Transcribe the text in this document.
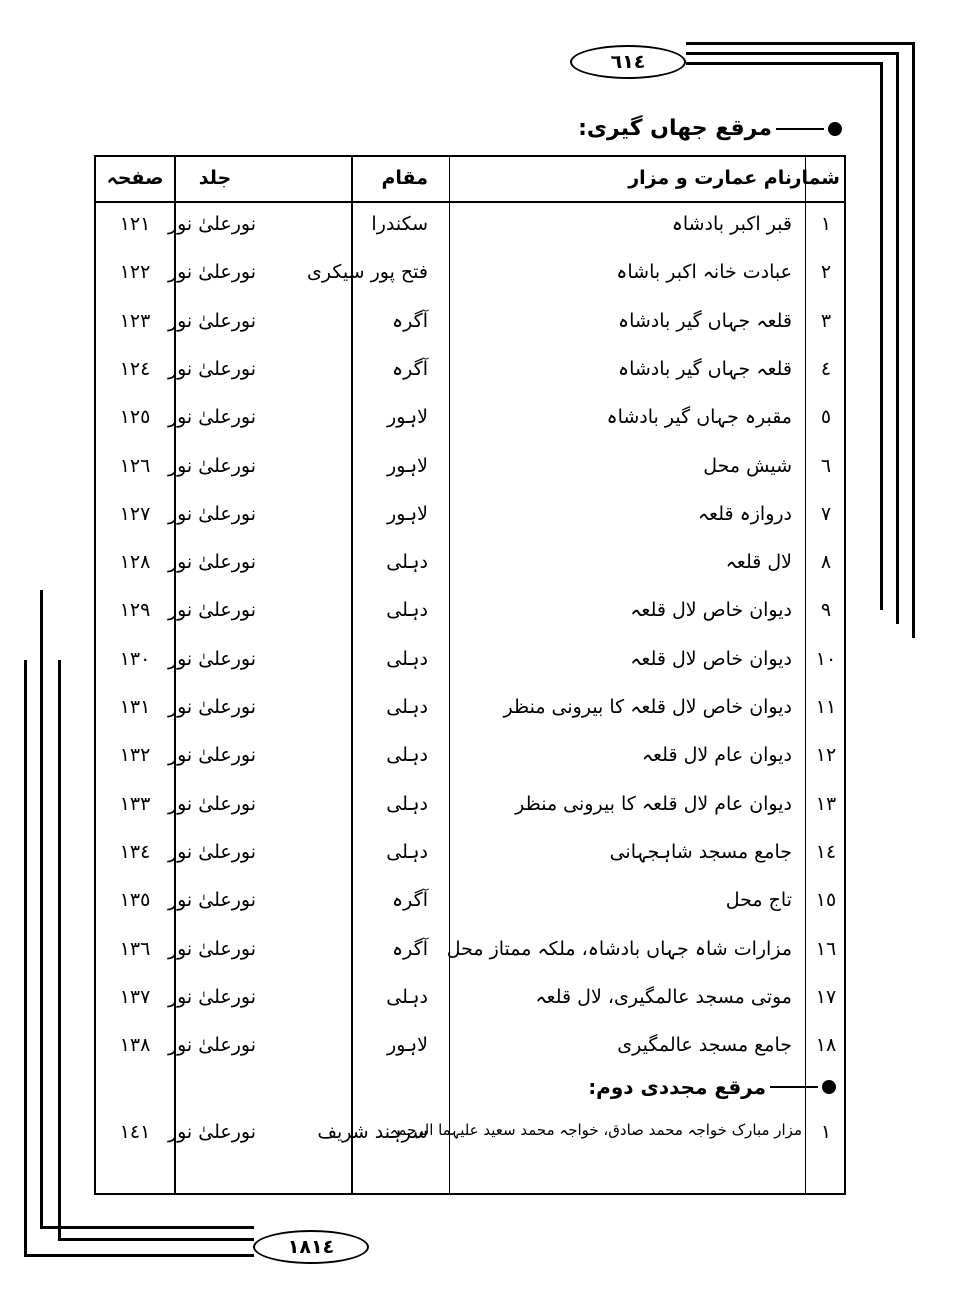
٦١٤
١٨١٤
مرقع جهاں گیری:
شمار
نام عمارت و مزار
مقام
جلد
صفحہ
١
قبر اکبر بادشاہ
سکندرا
نورعلیٰ نور
١٢١
٢
عبادت خانہ اکبر باشاہ
فتح پور سیکری
نورعلیٰ نور
١٢٢
٣
قلعہ جہاں گیر بادشاہ
آگرہ
نورعلیٰ نور
١٢٣
٤
قلعہ جہاں گیر بادشاہ
آگرہ
نورعلیٰ نور
١٢٤
٥
مقبرہ جہاں گیر بادشاہ
لاہور
نورعلیٰ نور
١٢٥
٦
شیش محل
لاہور
نورعلیٰ نور
١٢٦
٧
دروازہ قلعہ
لاہور
نورعلیٰ نور
١٢٧
٨
لال قلعہ
دہلی
نورعلیٰ نور
١٢٨
٩
دیوان خاص لال قلعہ
دہلی
نورعلیٰ نور
١٢٩
١٠
دیوان خاص لال قلعہ
دہلی
نورعلیٰ نور
١٣٠
١١
دیوان خاص لال قلعہ کا بیرونی منظر
دہلی
نورعلیٰ نور
١٣١
١٢
دیوان عام لال قلعہ
دہلی
نورعلیٰ نور
١٣٢
١٣
دیوان عام لال قلعہ کا بیرونی منظر
دہلی
نورعلیٰ نور
١٣٣
١٤
جامع مسجد شاہجہانی
دہلی
نورعلیٰ نور
١٣٤
١٥
تاج محل
آگرہ
نورعلیٰ نور
١٣٥
١٦
مزارات شاہ جہاں بادشاہ، ملکہ ممتاز محل
آگرہ
نورعلیٰ نور
١٣٦
١٧
موتی مسجد عالمگیری، لال قلعہ
دہلی
نورعلیٰ نور
١٣٧
١٨
جامع مسجد عالمگیری
لاہور
نورعلیٰ نور
١٣٨
مرقع مجددی دوم:
١
مزار مبارک خواجہ محمد صادق، خواجہ محمد سعید علیہما الرحمہ
سرہند شریف
نورعلیٰ نور
١٤١
